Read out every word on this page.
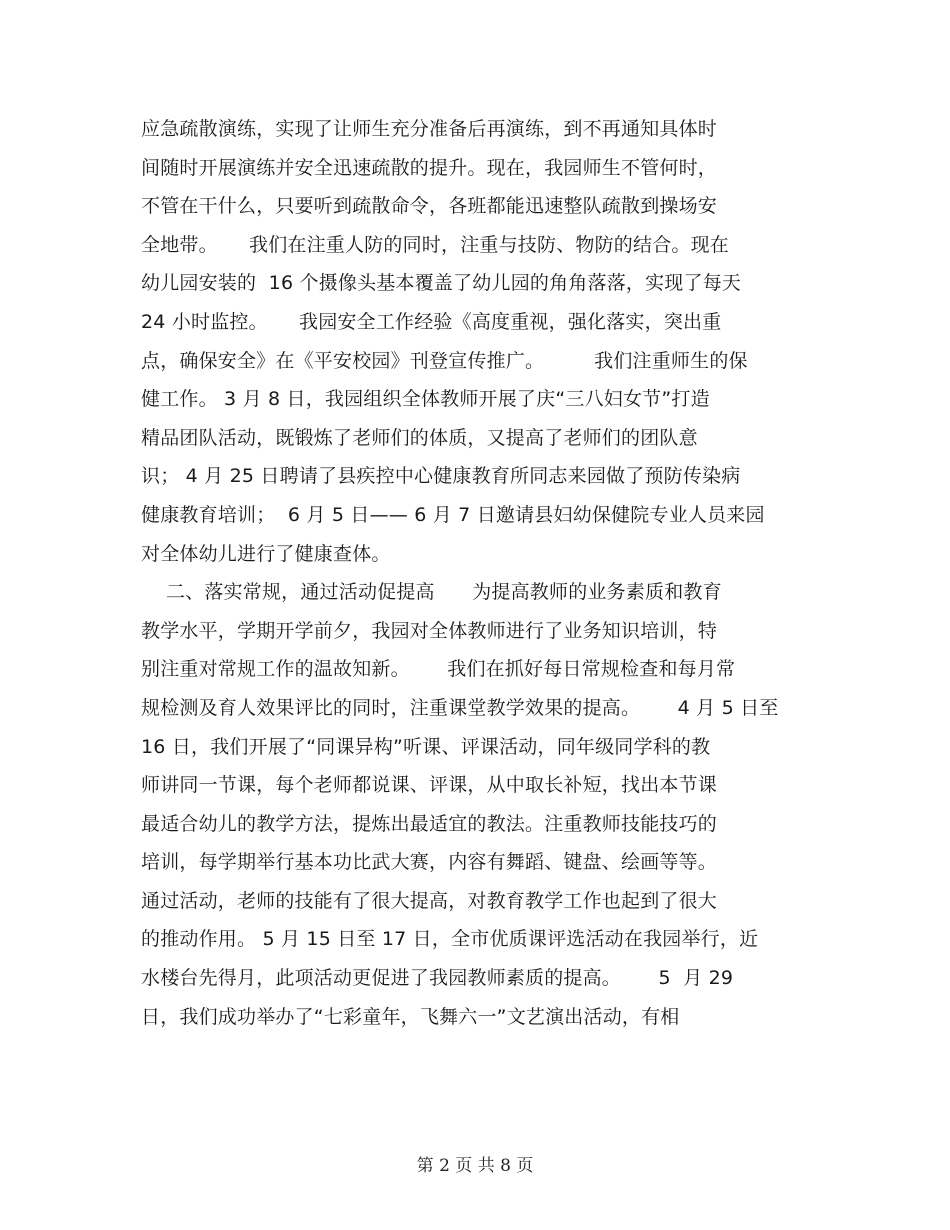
应急疏散演练，实现了让师生充分准备后再演练，到不再通知具体时
间随时开展演练并安全迅速疏散的提升。现在，我园师生不管何时，
不管在干什么，只要听到疏散命令，各班都能迅速整队疏散到操场安
全地带。     我们在注重人防的同时，注重与技防、物防的结合。现在
幼儿园安装的  16 个摄像头基本覆盖了幼儿园的角角落落，实现了每天
24 小时监控。     我园安全工作经验《高度重视，强化落实，突出重
点，确保安全》在《平安校园》刊登宣传推广。        我们注重师生的保
健工作。 3 月 8 日，我园组织全体教师开展了庆“三八妇女节”打造
精品团队活动，既锻炼了老师们的体质，又提高了老师们的团队意
识； 4 月 25 日聘请了县疾控中心健康教育所同志来园做了预防传染病
健康教育培训；  6 月 5 日—— 6 月 7 日邀请县妇幼保健院专业人员来园
对全体幼儿进行了健康查体。
二、落实常规，通过活动促提高      为提高教师的业务素质和教育
教学水平，学期开学前夕，我园对全体教师进行了业务知识培训，特
别注重对常规工作的温故知新。      我们在抓好每日常规检查和每月常
规检测及育人效果评比的同时，注重课堂教学效果的提高。      4 月 5 日至
16 日，我们开展了“同课异构”听课、评课活动，同年级同学科的教
师讲同一节课，每个老师都说课、评课，从中取长补短，找出本节课
最适合幼儿的教学方法，提炼出最适宜的教法。注重教师技能技巧的
培训，每学期举行基本功比武大赛，内容有舞蹈、键盘、绘画等等。
通过活动，老师的技能有了很大提高，对教育教学工作也起到了很大
的推动作用。 5 月 15 日至 17 日，全市优质课评选活动在我园举行，近
水楼台先得月，此项活动更促进了我园教师素质的提高。      5  月 29
日，我们成功举办了“七彩童年，飞舞六一”文艺演出活动，有相
第 2 页 共 8 页
